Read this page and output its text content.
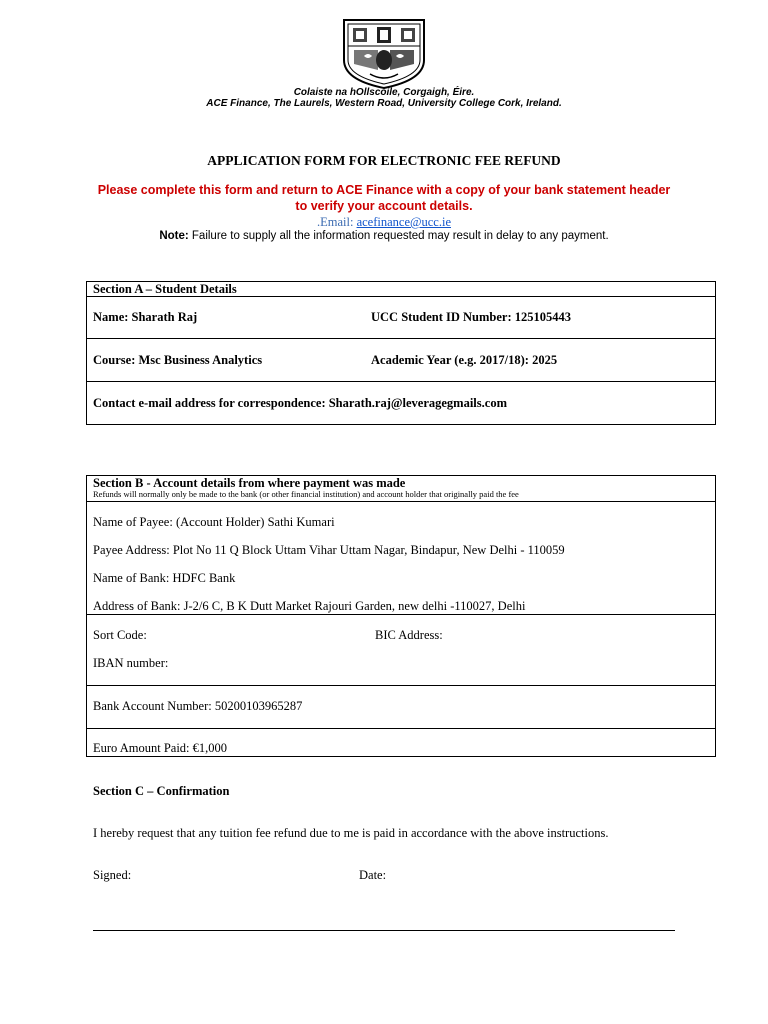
Colaiste na hOllscoile, Corgaigh, Éire.
ACE Finance, The Laurels, Western Road, University College Cork, Ireland.
APPLICATION FORM FOR ELECTRONIC FEE REFUND
Please complete this form and return to ACE Finance with a copy of your bank statement header
to verify your account details.
.Email: acefinance@ucc.ie
Note: Failure to supply all the information requested may result in delay to any payment.
Section A – Student Details
Name: Sharath Raj	UCC Student ID Number: 125105443
Course: Msc Business Analytics	Academic Year (e.g. 2017/18): 2025
Contact e-mail address for correspondence: Sharath.raj@leveragegmails.com
Section B - Account details from where payment was made
Refunds will normally only be made to the bank (or other financial institution) and account holder that originally paid the fee
Name of Payee: (Account Holder) Sathi Kumari
Payee Address: Plot No 11 Q Block Uttam Vihar Uttam Nagar, Bindapur, New Delhi - 110059
Name of Bank: HDFC Bank
Address of Bank: J-2/6 C, B K Dutt Market Rajouri Garden, new delhi -110027, Delhi
Sort Code:	BIC Address:
IBAN number:
Bank Account Number: 50200103965287
Euro Amount Paid: €1,000
Section C – Confirmation
I hereby request that any tuition fee refund due to me is paid in accordance with the above instructions.
Signed:	Date:
